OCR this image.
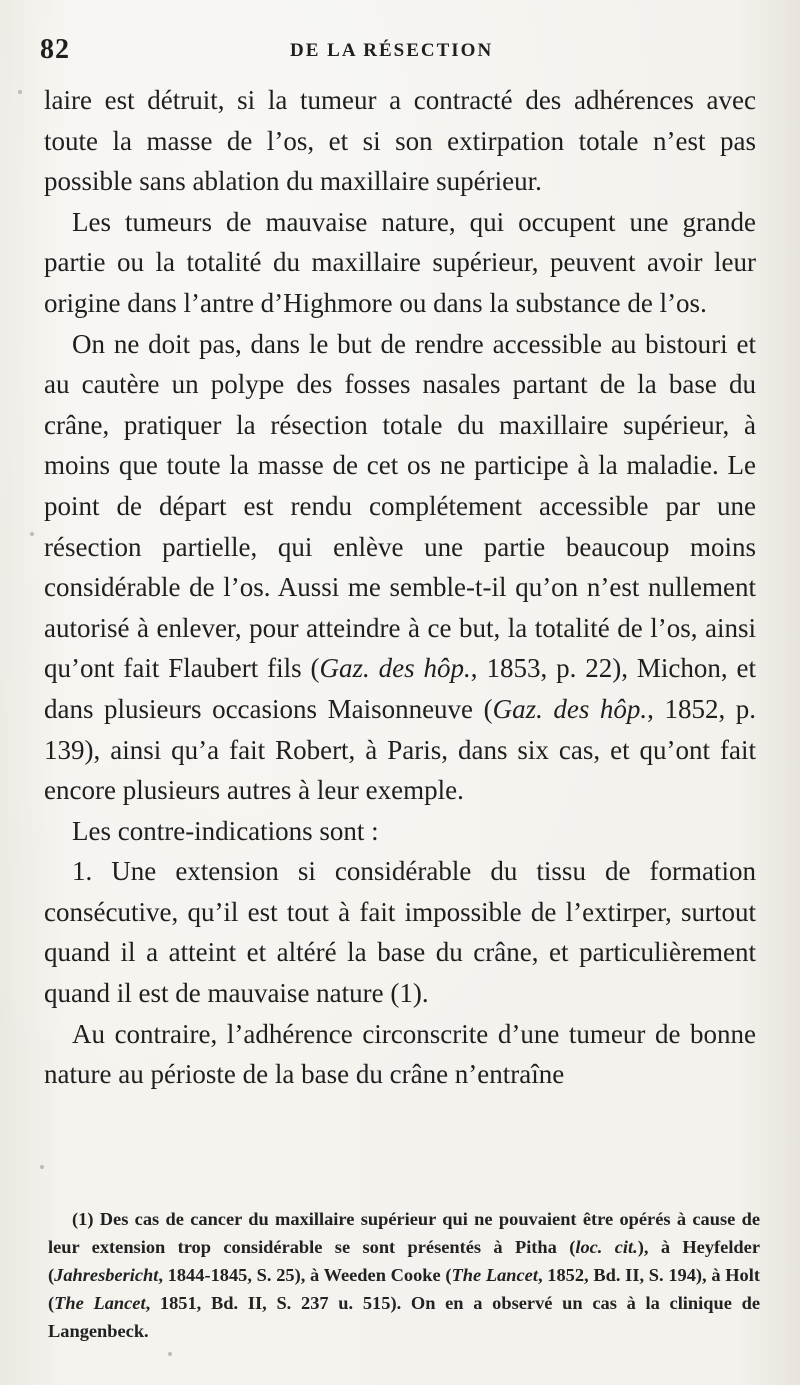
82	DE LA RÉSECTION

laire est détruit, si la tumeur a contracté des adhérences avec toute la masse de l’os, et si son extirpation totale n’est pas possible sans ablation du maxillaire supérieur.

Les tumeurs de mauvaise nature, qui occupent une grande partie ou la totalité du maxillaire supérieur, peuvent avoir leur origine dans l’antre d’Highmore ou dans la substance de l’os.

On ne doit pas, dans le but de rendre accessible au bistouri et au cautère un polype des fosses nasales partant de la base du crâne, pratiquer la résection totale du maxillaire supérieur, à moins que toute la masse de cet os ne participe à la maladie. Le point de départ est rendu complétement accessible par une résection partielle, qui enlève une partie beaucoup moins considérable de l’os. Aussi me semble-t-il qu’on n’est nullement autorisé à enlever, pour atteindre à ce but, la totalité de l’os, ainsi qu’ont fait Flaubert fils (Gaz. des hôp., 1853, p. 22), Michon, et dans plusieurs occasions Maisonneuve (Gaz. des hôp., 1852, p. 139), ainsi qu’a fait Robert, à Paris, dans six cas, et qu’ont fait encore plusieurs autres à leur exemple.

Les contre-indications sont :

1. Une extension si considérable du tissu de formation consécutive, qu’il est tout à fait impossible de l’extirper, surtout quand il a atteint et altéré la base du crâne, et particulièrement quand il est de mauvaise nature (1).

Au contraire, l’adhérence circonscrite d’une tumeur de bonne nature au périoste de la base du crâne n’entraîne

(1) Des cas de cancer du maxillaire supérieur qui ne pouvaient être opérés à cause de leur extension trop considérable se sont présentés à Pitha (loc. cit.), à Heyfelder (Jahresbericht, 1844-1845, S. 25), à Weeden Cooke (The Lancet, 1852, Bd. II, S. 194), à Holt (The Lancet, 1851, Bd. II, S. 237 u. 515). On en a observé un cas à la clinique de Langenbeck.
